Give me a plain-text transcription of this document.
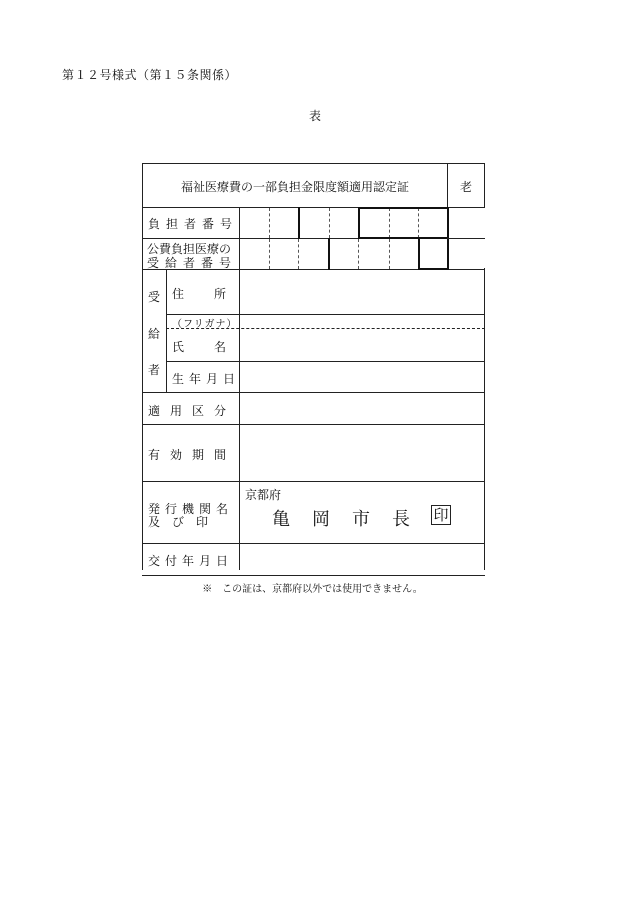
第１２号様式（第１５条関係）
表
福祉医療費の一部負担金限度額適用認定証	老
負担者番号
公費負担医療の
受給者番号
受
給
者
住　　所
（フリガナ）
氏　　名
生年月日
適用区分
有効期間
発行機関名
及　び　印
京都府
亀岡市長 印
交付年月日
※　この証は、京都府以外では使用できません。
